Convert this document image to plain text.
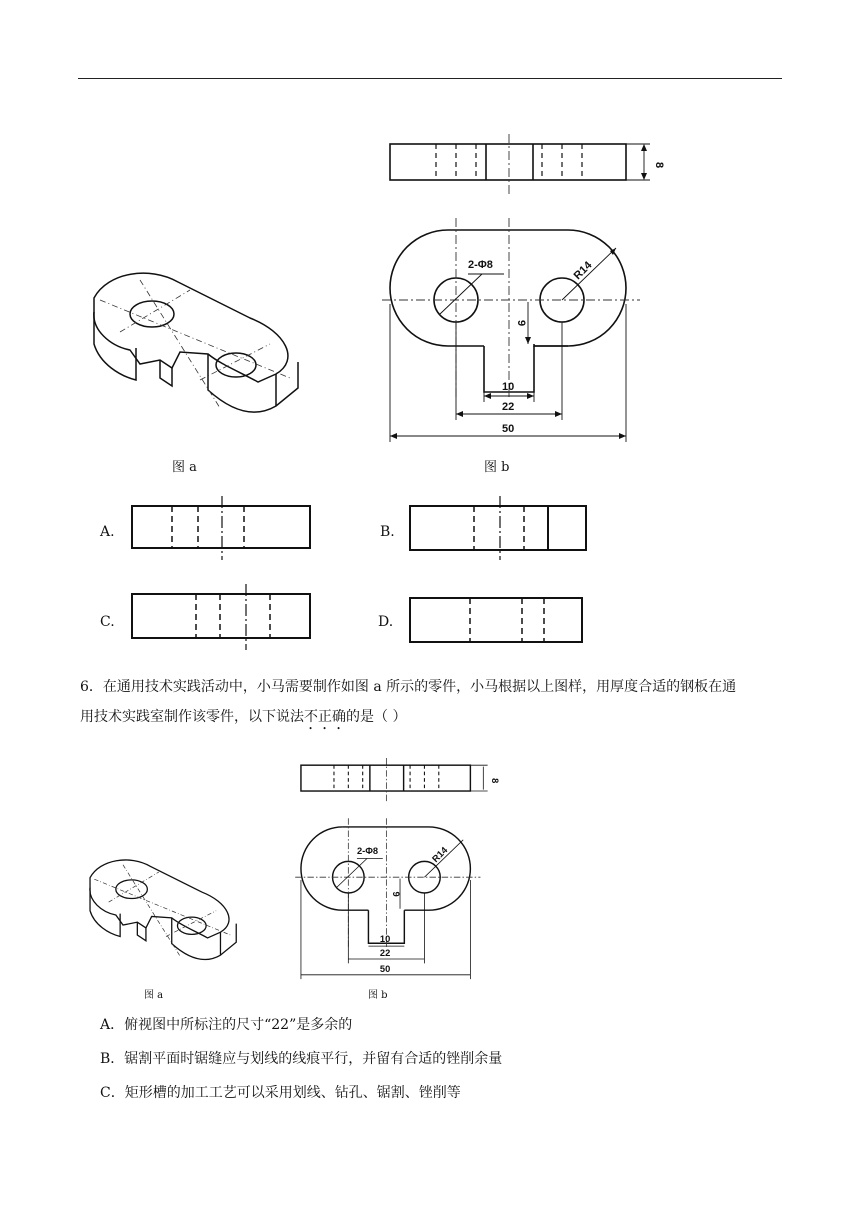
图 a
8
2-Φ8	R14
9
10
22
50
图 b
A.	B.
C.	D.
6．在通用技术实践活动中，小马需要制作如图 a 所示的零件，小马根据以上图样，用厚度合适的钢板在通
用技术实践室制作该零件，以下说法不正确的是（ ）
图 a
8
2-Φ8	R14
9
10
22
50
图 b
A．俯视图中所标注的尺寸“22”是多余的
B．锯割平面时锯缝应与划线的线痕平行，并留有合适的锉削余量
C．矩形槽的加工工艺可以采用划线、钻孔、锯割、锉削等
